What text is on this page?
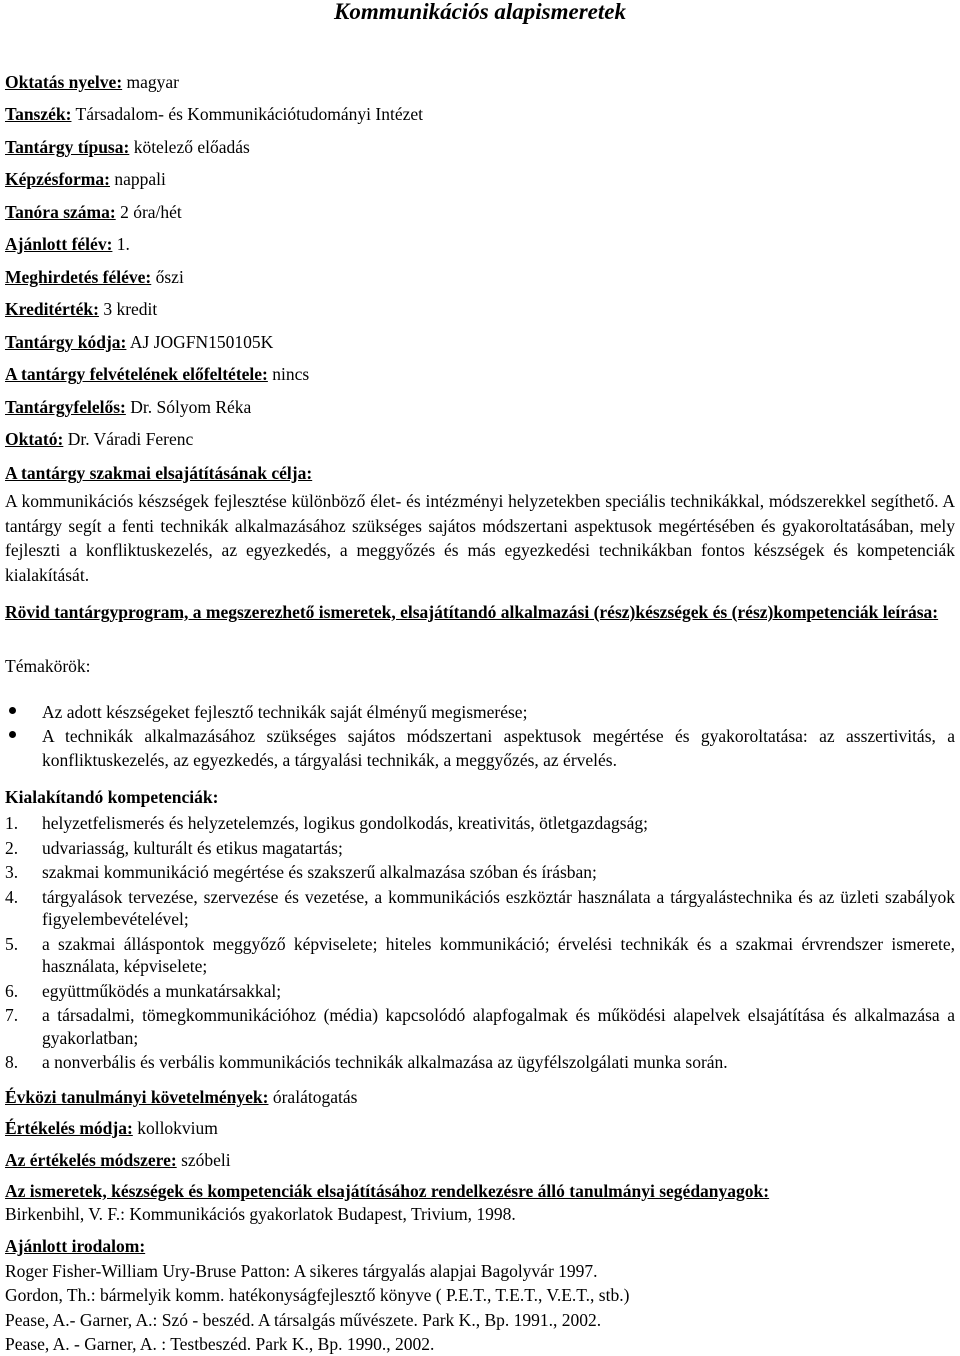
Kommunikációs alapismeretek
Oktatás nyelve: magyar
Tanszék: Társadalom- és Kommunikációtudományi Intézet
Tantárgy típusa: kötelező előadás
Képzésforma: nappali
Tanóra száma: 2 óra/hét
Ajánlott félév: 1.
Meghirdetés féléve: őszi
Kreditérték: 3 kredit
Tantárgy kódja: AJ JOGFN150105K
A tantárgy felvételének előfeltétele: nincs
Tantárgyfelelős: Dr. Sólyom Réka
Oktató: Dr. Váradi Ferenc
A tantárgy szakmai elsajátításának célja:
A kommunikációs készségek fejlesztése különböző élet- és intézményi helyzetekben speciális technikákkal, módszerekkel segíthető. A tantárgy segít a fenti technikák alkalmazásához szükséges sajátos módszertani aspektusok megértésében és gyakoroltatásában, mely fejleszti a konfliktuskezelés, az egyezkedés, a meggyőzés és más egyezkedési technikákban fontos készségek és kompetenciák kialakítását.
Rövid tantárgyprogram, a megszerezhető ismeretek, elsajátítandó alkalmazási (rész)készségek és (rész)kompetenciák leírása:
Témakörök:
Az adott készségeket fejlesztő technikák saját élményű megismerése;
A technikák alkalmazásához szükséges sajátos módszertani aspektusok megértése és gyakoroltatása: az asszertivitás, a konfliktuskezelés, az egyezkedés, a tárgyalási technikák, a meggyőzés, az érvelés.
Kialakítandó kompetenciák:
1. helyzetfelismerés és helyzetelemzés, logikus gondolkodás, kreativitás, ötletgazdagság;
2. udvariasság, kulturált és etikus magatartás;
3. szakmai kommunikáció megértése és szakszerű alkalmazása szóban és írásban;
4. tárgyalások tervezése, szervezése és vezetése, a kommunikációs eszköztár használata a tárgyalástechnika és az üzleti szabályok figyelembevételével;
5. a szakmai álláspontok meggyőző képviselete; hiteles kommunikáció; érvelési technikák és a szakmai érvrendszer ismerete, használata, képviselete;
6. együttműködés a munkatársakkal;
7. a társadalmi, tömegkommunikációhoz (média) kapcsolódó alapfogalmak és működési alapelvek elsajátítása és alkalmazása a gyakorlatban;
8. a nonverbális és verbális kommunikációs technikák alkalmazása az ügyfélszolgálati munka során.
Évközi tanulmányi követelmények: óralátogatás
Értékelés módja: kollokvium
Az értékelés módszere: szóbeli
Az ismeretek, készségek és kompetenciák elsajátításához rendelkezésre álló tanulmányi segédanyagok:
Birkenbihl, V. F.: Kommunikációs gyakorlatok Budapest, Trivium, 1998.
Ajánlott irodalom:
Roger Fisher-William Ury-Bruse Patton: A sikeres tárgyalás alapjai Bagolyvár 1997.
Gordon, Th.: bármelyik komm. hatékonyságfejlesztő könyve ( P.E.T., T.E.T., V.E.T., stb.)
Pease, A.- Garner, A.: Szó - beszéd. A társalgás művészete. Park K., Bp. 1991., 2002.
Pease, A. - Garner, A. : Testbeszéd. Park K., Bp. 1990., 2002.
